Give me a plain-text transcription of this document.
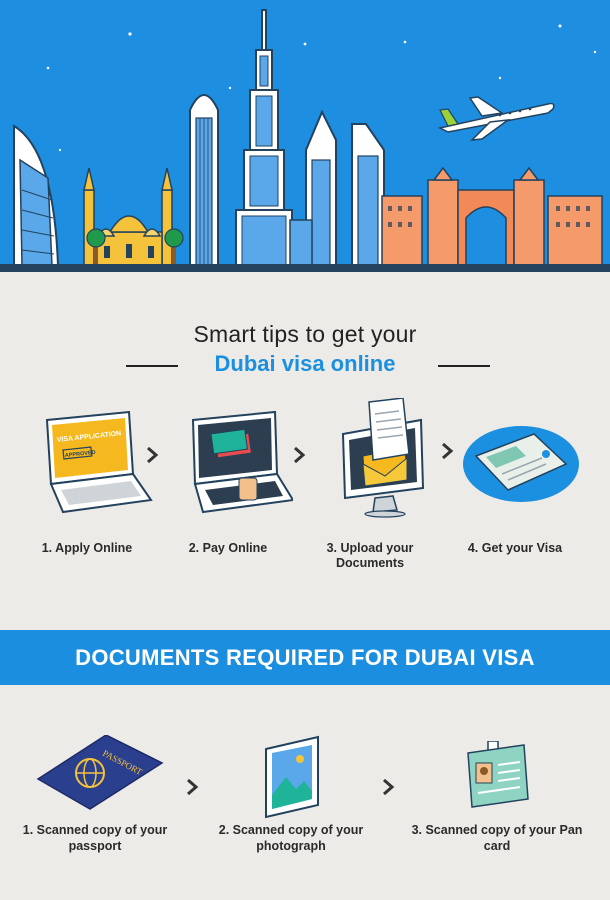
Smart tips to get your
Dubai visa online
VISA APPLICATION
APPROVED
1. Apply Online	2. Pay Online	3. Upload your Documents
4. Get your Visa
DOCUMENTS REQUIRED FOR DUBAI VISA
PASSPORT
1. Scanned copy of your passport
2. Scanned copy of your photograph
3. Scanned copy of your Pan card
